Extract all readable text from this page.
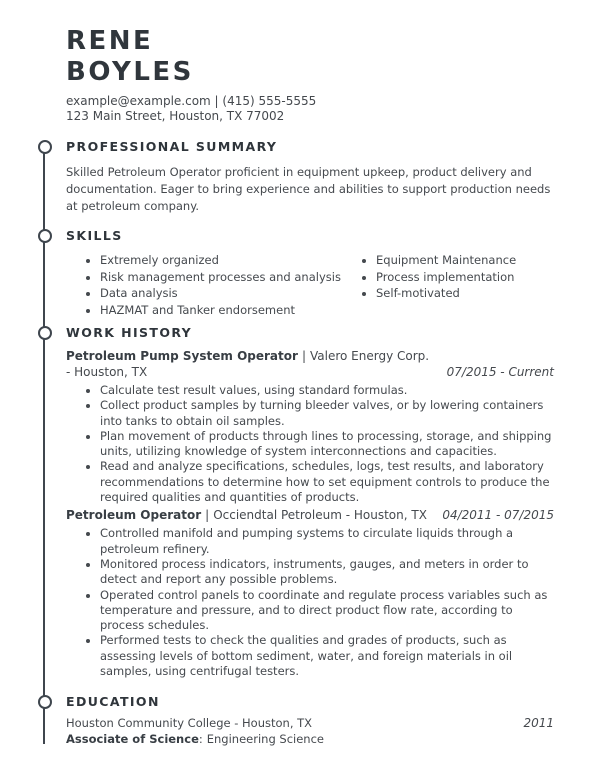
RENE
BOYLES
example@example.com | (415) 555-5555
123 Main Street, Houston, TX 77002
PROFESSIONAL SUMMARY

Skilled Petroleum Operator proficient in equipment upkeep, product delivery and documentation. Eager to bring experience and abilities to support production needs at petroleum company.

SKILLS
• Extremely organized
• Risk management processes and analysis
• Data analysis
• HAZMAT and Tanker endorsement
• Equipment Maintenance
• Process implementation
• Self-motivated
WORK HISTORY
Petroleum Pump System Operator | Valero Energy Corp. - Houston, TX	07/2015 - Current
• Calculate test result values, using standard formulas.
• Collect product samples by turning bleeder valves, or by lowering containers into tanks to obtain oil samples.
• Plan movement of products through lines to processing, storage, and shipping units, utilizing knowledge of system interconnections and capacities.
• Read and analyze specifications, schedules, logs, test results, and laboratory recommendations to determine how to set equipment controls to produce the required qualities and quantities of products.
Petroleum Operator | Occiendtal Petroleum - Houston, TX	04/2011 - 07/2015
• Controlled manifold and pumping systems to circulate liquids through a petroleum refinery.
• Monitored process indicators, instruments, gauges, and meters in order to detect and report any possible problems.
• Operated control panels to coordinate and regulate process variables such as temperature and pressure, and to direct product flow rate, according to process schedules.
• Performed tests to check the qualities and grades of products, such as assessing levels of bottom sediment, water, and foreign materials in oil samples, using centrifugal testers.
EDUCATION
Houston Community College - Houston, TX	2011
Associate of Science: Engineering Science
